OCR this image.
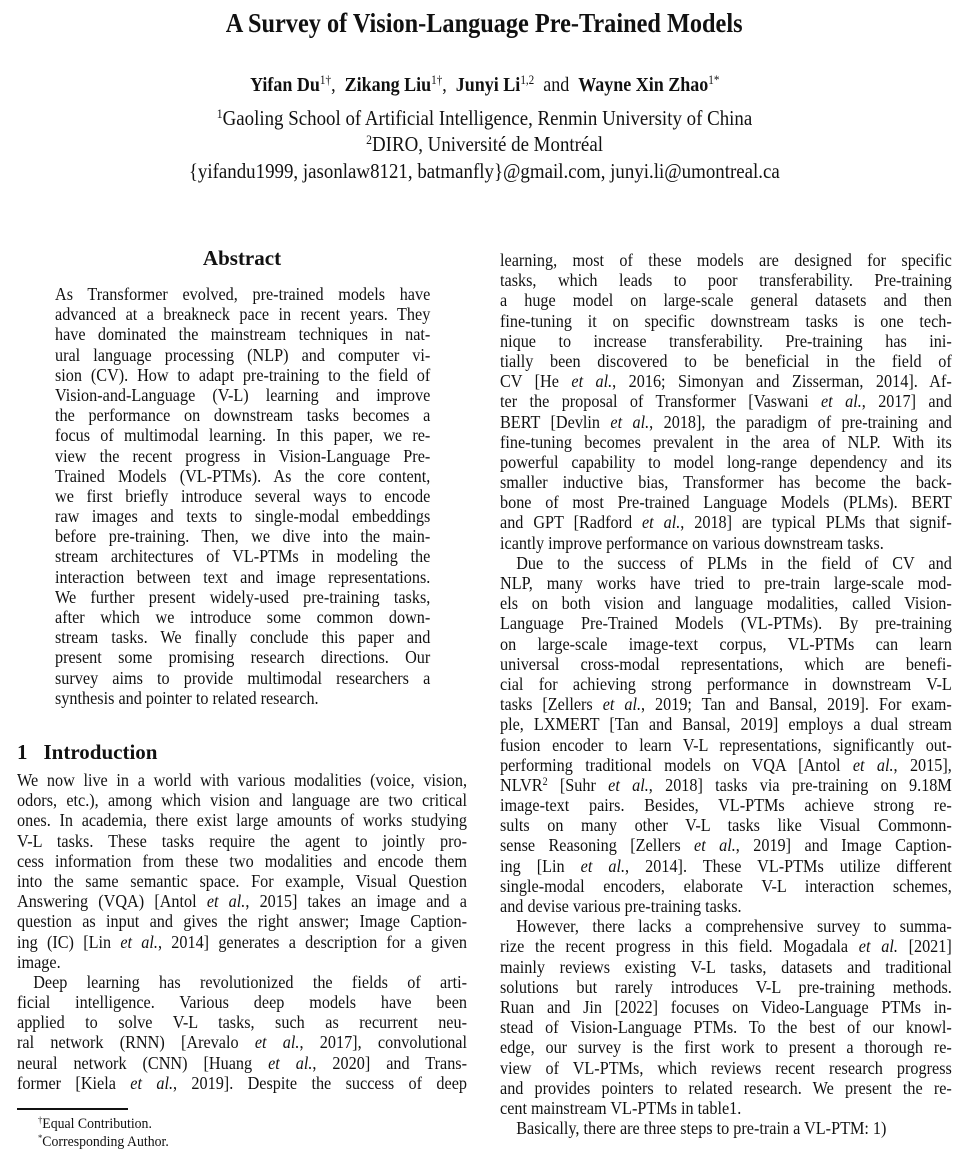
A Survey of Vision-Language Pre-Trained Models
Yifan $Du^{1\dagger}$, Zikang Liu$^{1\dagger}$, Junyi Li$^{1,2}$ and Wayne Xin Zhao$^{1*}$
$^1$Gaoling School of Artificial Intelligence, Renmin University of China
$^2$DIRO, Université de Montréal
{yifandu1999, jasonlaw8121, batmanfly}@gmail.com, junyi.li@umontreal.ca
Abstract
As Transformer evolved, pre-trained models have
advanced at a breakneck pace in recent years. They
have dominated the mainstream techniques in nat-
ural language processing (NLP) and computer vi-
sion (CV). How to adapt pre-training to the field of
Vision-and-Language (V-L) learning and improve
the performance on downstream tasks becomes a
focus of multimodal learning. In this paper, we re-
view the recent progress in Vision-Language Pre-
Trained Models (VL-PTMs). As the core content,
we first briefly introduce several ways to encode
raw images and texts to single-modal embeddings
before pre-training. Then, we dive into the main-
stream architectures of VL-PTMs in modeling the
interaction between text and image representations.
We further present widely-used pre-training tasks,
after which we introduce some common down-
stream tasks. We finally conclude this paper and
present some promising research directions. Our
survey aims to provide multimodal researchers a
synthesis and pointer to related research.
1 Introduction
We now live in a world with various modalities (voice, vision,
odors, etc.), among which vision and language are two critical
ones. In academia, there exist large amounts of works studying
V-L tasks. These tasks require the agent to jointly pro-
cess information from these two modalities and encode them
into the same semantic space. For example, Visual Question
Answering (VQA) [Antol et al., 2015] takes an image and a
question as input and gives the right answer; Image Caption-
ing (IC) [Lin et al., 2014] generates a description for a given
image.
Deep learning has revolutionized the fields of arti-
ficial intelligence. Various deep models have been
applied to solve V-L tasks, such as recurrent neu-
ral network (RNN) [Arevalo et al., 2017], convolutional
neural network (CNN) [Huang et al., 2020] and Trans-
former [Kiela et al., 2019]. Despite the success of deep
learning, most of these models are designed for specific
tasks, which leads to poor transferability. Pre-training
a huge model on large-scale general datasets and then
fine-tuning it on specific downstream tasks is one tech-
nique to increase transferability. Pre-training has ini-
tially been discovered to be beneficial in the field of
CV [He et al., 2016; Simonyan and Zisserman, 2014]. Af-
ter the proposal of Transformer [Vaswani et al., 2017] and
BERT [Devlin et al., 2018], the paradigm of pre-training and
fine-tuning becomes prevalent in the area of NLP. With its
powerful capability to model long-range dependency and its
smaller inductive bias, Transformer has become the back-
bone of most Pre-trained Language Models (PLMs). BERT
and GPT [Radford et al., 2018] are typical PLMs that signif-
icantly improve performance on various downstream tasks.
Due to the success of PLMs in the field of CV and
NLP, many works have tried to pre-train large-scale mod-
els on both vision and language modalities, called Vision-
Language Pre-Trained Models (VL-PTMs). By pre-training
on large-scale image-text corpus, VL-PTMs can learn
universal cross-modal representations, which are benefi-
cial for achieving strong performance in downstream V-L
tasks [Zellers et al., 2019; Tan and Bansal, 2019]. For exam-
ple, LXMERT [Tan and Bansal, 2019] employs a dual stream
fusion encoder to learn V-L representations, significantly out-
performing traditional models on VQA [Antol et al., 2015],
NLVR$^2$ [Suhr et al., 2018] tasks via pre-training on 9.18M
image-text pairs. Besides, VL-PTMs achieve strong re-
sults on many other V-L tasks like Visual Commonn-
sense Reasoning [Zellers et al., 2019] and Image Caption-
ing [Lin et al., 2014]. These VL-PTMs utilize different
single-modal encoders, elaborate V-L interaction schemes,
and devise various pre-training tasks.
However, there lacks a comprehensive survey to summa-
rize the recent progress in this field. Mogadala et al. [2021]
mainly reviews existing V-L tasks, datasets and traditional
solutions but rarely introduces V-L pre-training methods.
Ruan and Jin [2022] focuses on Video-Language PTMs in-
stead of Vision-Language PTMs. To the best of our knowl-
edge, our survey is the first work to present a thorough re-
view of VL-PTMs, which reviews recent research progress
and provides pointers to related research. We present the re-
cent mainstream VL-PTMs in table1.
Basically, there are three steps to pre-train a VL-PTM: 1)
†Equal Contribution.
*Corresponding Author.
